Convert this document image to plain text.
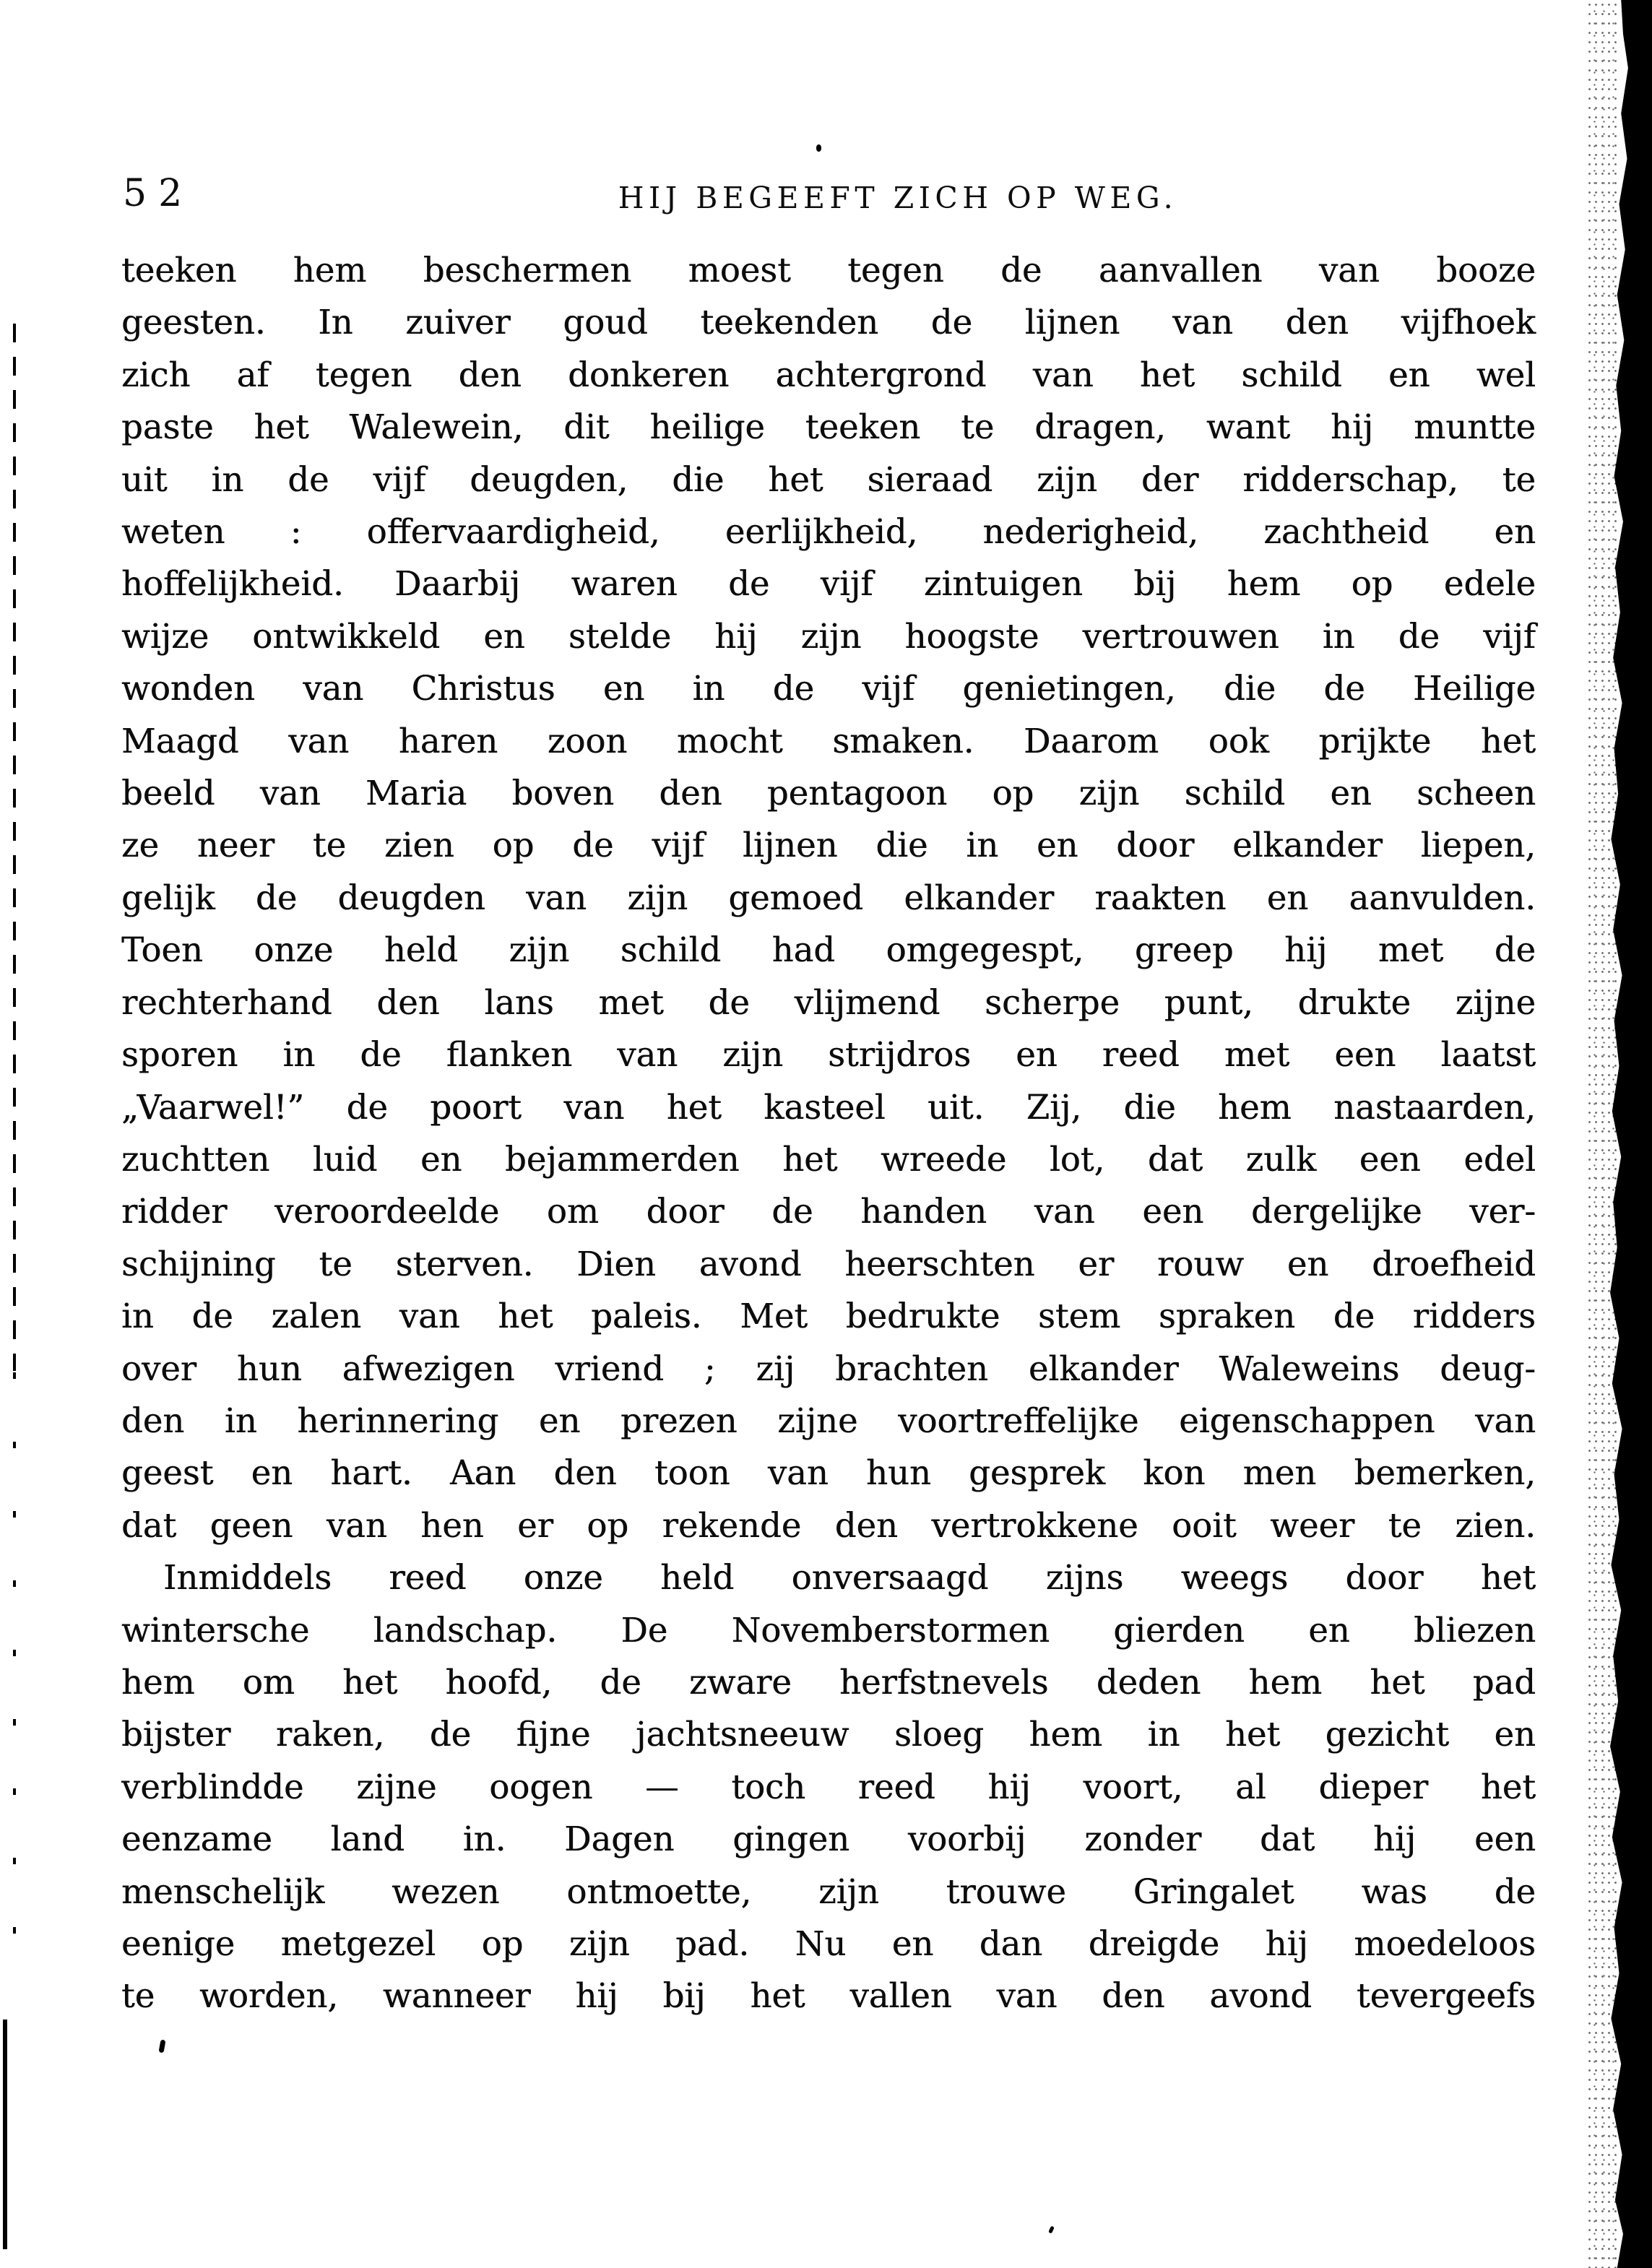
52	HIJ BEGEEFT ZICH OP WEG.
teeken hem beschermen moest tegen de aanvallen van booze
geesten. In zuiver goud teekenden de lijnen van den vijfhoek
zich af tegen den donkeren achtergrond van het schild en wel
paste het Walewein, dit heilige teeken te dragen, want hij muntte
uit in de vijf deugden, die het sieraad zijn der ridderschap, te
weten : offervaardigheid, eerlijkheid, nederigheid, zachtheid en
hoffelijkheid. Daarbij waren de vijf zintuigen bij hem op edele
wijze ontwikkeld en stelde hij zijn hoogste vertrouwen in de vijf
wonden van Christus en in de vijf genietingen, die de Heilige
Maagd van haren zoon mocht smaken. Daarom ook prijkte het
beeld van Maria boven den pentagoon op zijn schild en scheen
ze neer te zien op de vijf lijnen die in en door elkander liepen,
gelijk de deugden van zijn gemoed elkander raakten en aanvulden.
Toen onze held zijn schild had omgegespt, greep hij met de
rechterhand den lans met de vlijmend scherpe punt, drukte zijne
sporen in de flanken van zijn strijdros en reed met een laatst
„Vaarwel!” de poort van het kasteel uit. Zij, die hem nastaarden,
zuchtten luid en bejammerden het wreede lot, dat zulk een edel
ridder veroordeelde om door de handen van een dergelijke ver-
schijning te sterven. Dien avond heerschten er rouw en droefheid
in de zalen van het paleis. Met bedrukte stem spraken de ridders
over hun afwezigen vriend ; zij brachten elkander Waleweins deug-
den in herinnering en prezen zijne voortreffelijke eigenschappen van
geest en hart. Aan den toon van hun gesprek kon men bemerken,
dat geen van hen er op rekende den vertrokkene ooit weer te zien.
Inmiddels reed onze held onversaagd zijns weegs door het
wintersche landschap. De Novemberstormen gierden en bliezen
hem om het hoofd, de zware herfstnevels deden hem het pad
bijster raken, de fijne jachtsneeuw sloeg hem in het gezicht en
verblindde zijne oogen — toch reed hij voort, al dieper het
eenzame land in. Dagen gingen voorbij zonder dat hij een
menschelijk wezen ontmoette, zijn trouwe Gringalet was de
eenige metgezel op zijn pad. Nu en dan dreigde hij moedeloos
te worden, wanneer hij bij het vallen van den avond tevergeefs
